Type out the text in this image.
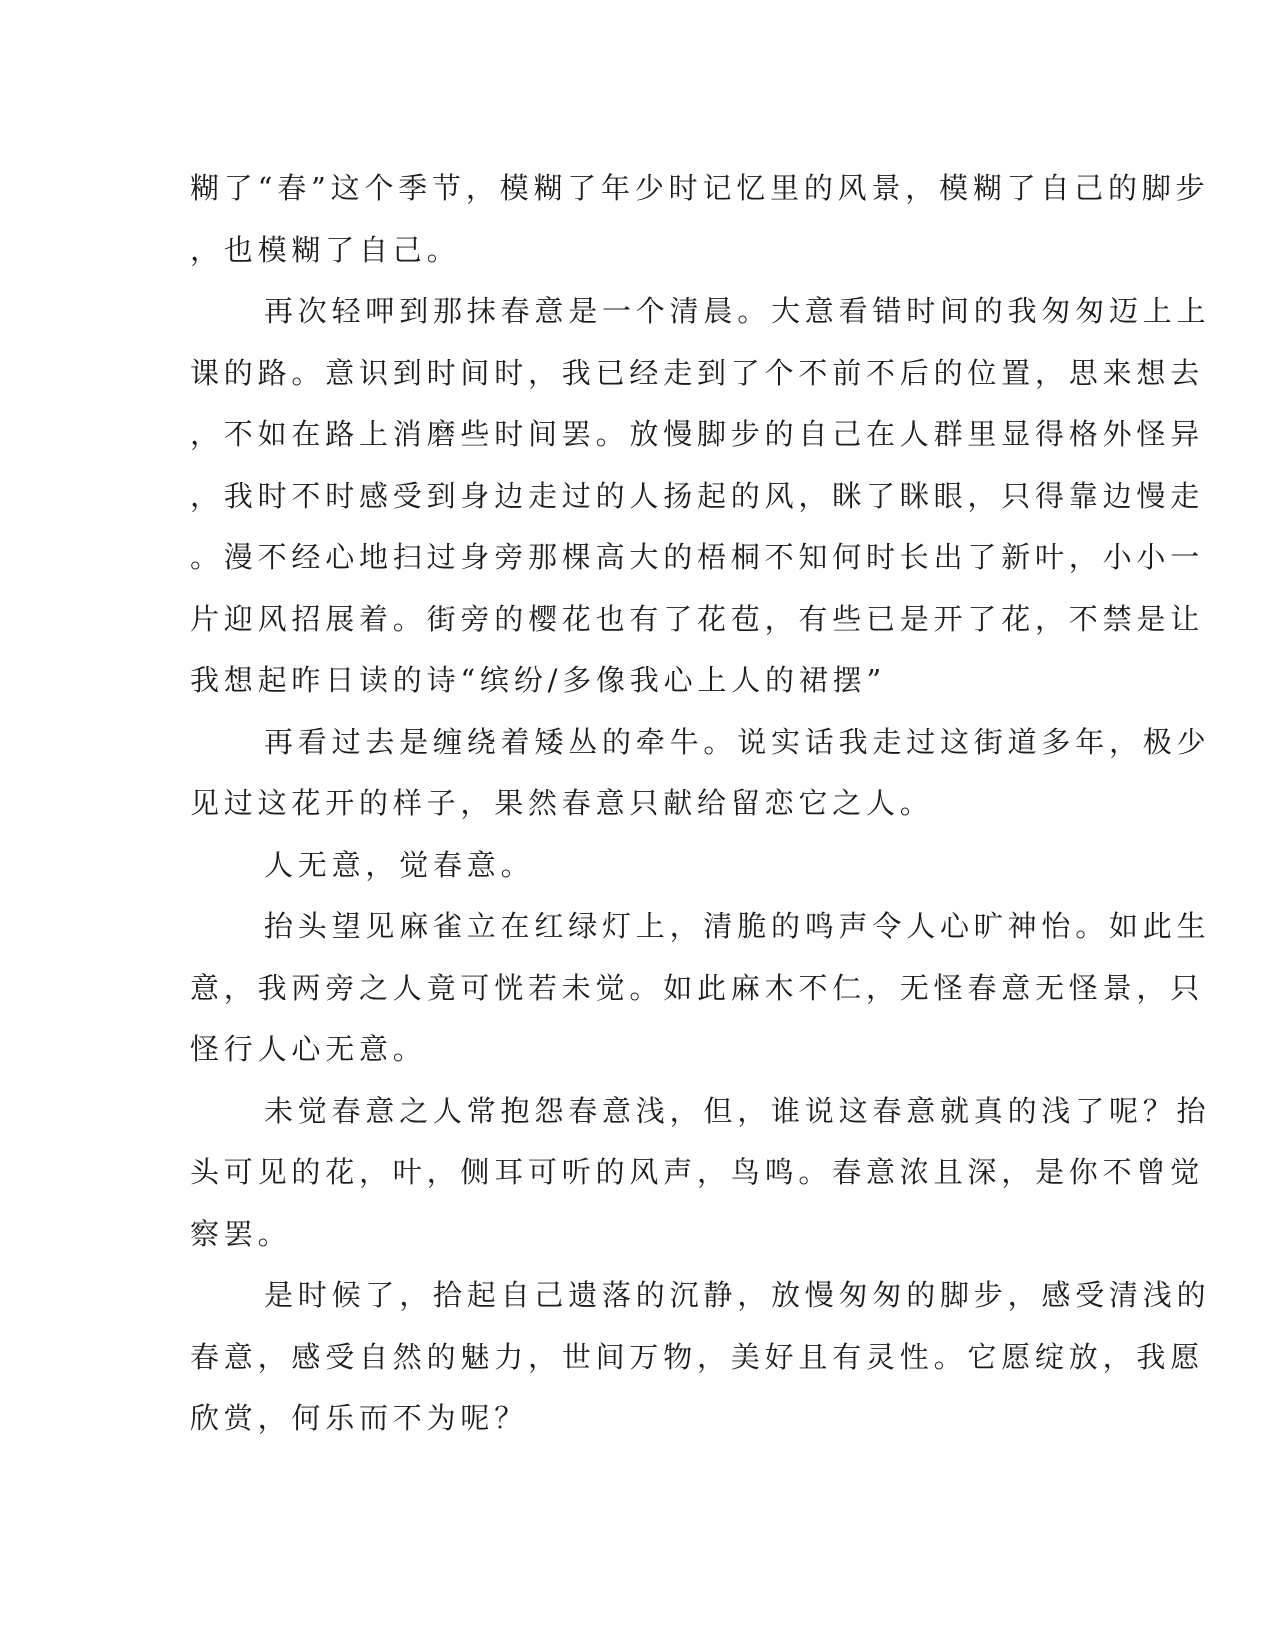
糊了“春”这个季节，模糊了年少时记忆里的风景，模糊了自己的脚步
，也模糊了自己。
再次轻呷到那抹春意是一个清晨。大意看错时间的我匆匆迈上上
课的路。意识到时间时，我已经走到了个不前不后的位置，思来想去
，不如在路上消磨些时间罢。放慢脚步的自己在人群里显得格外怪异
，我时不时感受到身边走过的人扬起的风，眯了眯眼，只得靠边慢走
。漫不经心地扫过身旁那棵高大的梧桐不知何时长出了新叶，小小一
片迎风招展着。街旁的樱花也有了花苞，有些已是开了花，不禁是让
我想起昨日读的诗“缤纷/多像我心上人的裙摆”
再看过去是缠绕着矮丛的牵牛。说实话我走过这街道多年，极少
见过这花开的样子，果然春意只献给留恋它之人。
人无意，觉春意。
抬头望见麻雀立在红绿灯上，清脆的鸣声令人心旷神怡。如此生
意，我两旁之人竟可恍若未觉。如此麻木不仁，无怪春意无怪景，只
怪行人心无意。
未觉春意之人常抱怨春意浅，但，谁说这春意就真的浅了呢？抬
头可见的花，叶，侧耳可听的风声，鸟鸣。春意浓且深，是你不曾觉
察罢。
是时候了，拾起自己遗落的沉静，放慢匆匆的脚步，感受清浅的
春意，感受自然的魅力，世间万物，美好且有灵性。它愿绽放，我愿
欣赏，何乐而不为呢？
